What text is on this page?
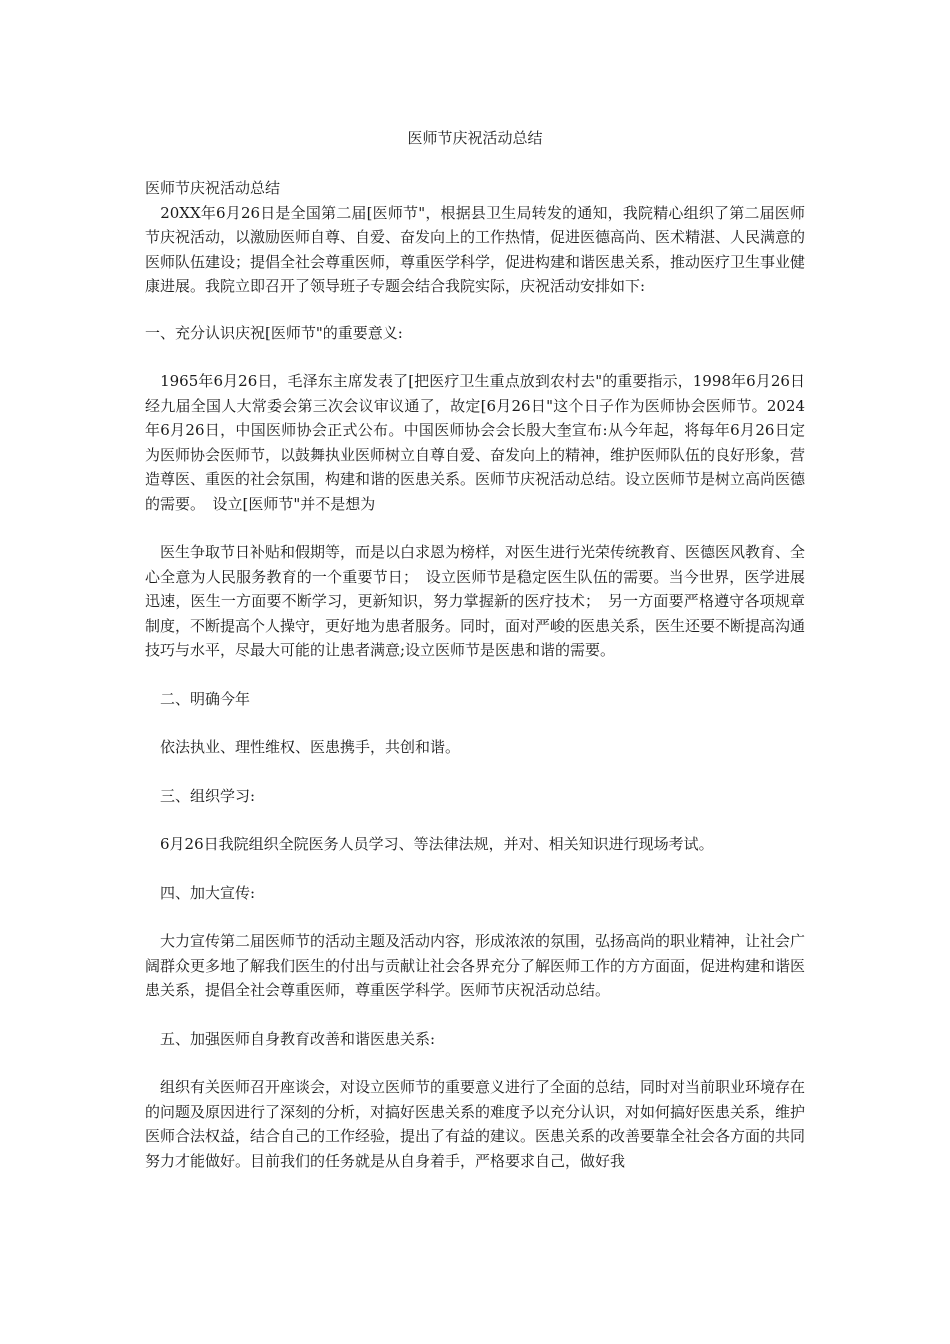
医师节庆祝活动总结

医师节庆祝活动总结

　20XX年6月26日是全国第二届[医师节"，根据县卫生局转发的通知，我院精心组织了第二届医师节庆祝活动，以激励医师自尊、自爱、奋发向上的工作热情，促进医德高尚、医术精湛、人民满意的医师队伍建设；提倡全社会尊重医师，尊重医学科学，促进构建和谐医患关系，推动医疗卫生事业健康进展。我院立即召开了领导班子专题会结合我院实际，庆祝活动安排如下:

一、充分认识庆祝[医师节"的重要意义:

　1965年6月26日，毛泽东主席发表了[把医疗卫生重点放到农村去"的重要指示，1998年6月26日经九届全国人大常委会第三次会议审议通了，故定[6月26日"这个日子作为医师协会医师节。2024年6月26日，中国医师协会正式公布。中国医师协会会长殷大奎宣布:从今年起，将每年6月26日定为医师协会医师节，以鼓舞执业医师树立自尊自爱、奋发向上的精神，维护医师队伍的良好形象，营造尊医、重医的社会氛围，构建和谐的医患关系。医师节庆祝活动总结。设立医师节是树立高尚医德的需要。　设立[医师节"并不是想为

　医生争取节日补贴和假期等，而是以白求恩为榜样，对医生进行光荣传统教育、医德医风教育、全心全意为人民服务教育的一个重要节日；　设立医师节是稳定医生队伍的需要。当今世界，医学进展迅速，医生一方面要不断学习，更新知识，努力掌握新的医疗技术；　另一方面要严格遵守各项规章制度，不断提高个人操守，更好地为患者服务。同时，面对严峻的医患关系，医生还要不断提高沟通技巧与水平，尽最大可能的让患者满意;设立医师节是医患和谐的需要。

　二、明确今年

　依法执业、理性维权、医患携手，共创和谐。

　三、组织学习:

　6月26日我院组织全院医务人员学习、等法律法规，并对、相关知识进行现场考试。

　四、加大宣传:

　大力宣传第二届医师节的活动主题及活动内容，形成浓浓的氛围，弘扬高尚的职业精神，让社会广阔群众更多地了解我们医生的付出与贡献让社会各界充分了解医师工作的方方面面，促进构建和谐医患关系，提倡全社会尊重医师，尊重医学科学。医师节庆祝活动总结。

　五、加强医师自身教育改善和谐医患关系:

　组织有关医师召开座谈会，对设立医师节的重要意义进行了全面的总结，同时对当前职业环境存在的问题及原因进行了深刻的分析，对搞好医患关系的难度予以充分认识，对如何搞好医患关系，维护医师合法权益，结合自己的工作经验，提出了有益的建议。医患关系的改善要靠全社会各方面的共同努力才能做好。目前我们的任务就是从自身着手，严格要求自己，做好我
